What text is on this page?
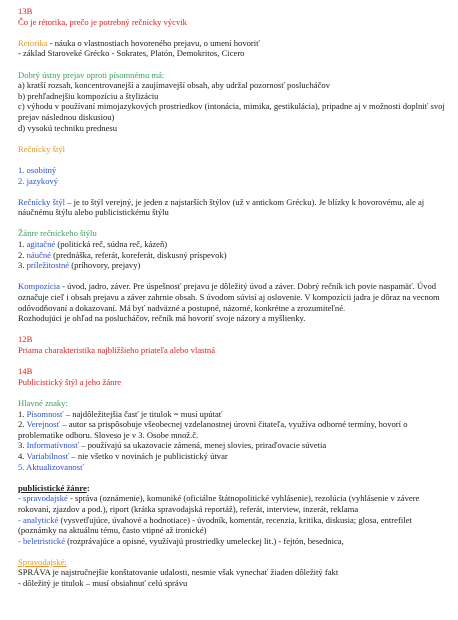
13B
Čo je rétorika, prečo je potrebný rečnícky výcvik
Retorika - náuka o vlastnostiach hovoreného prejavu, o umení hovoriť
- základ Staroveké Grécko - Sokrates, Platón, Demokritos, Cicero
Dobrý ústny prejav oproti písomnému má:
a) kratší rozsah, koncentrovanejší a zaujímavejší obsah, aby udržal pozornosť poslucháčov
b) prehľadnejšiu kompozíciu a štylizáciu
c) výhodu v používaní mimojazykových prostriedkov (intonácia, mimika, gestikulácia), pripadne aj v možnosti doplniť svoj prejav následnou diskusiou)
d) vysokú techniku prednesu
Rečnícky štýl
1. osobitný
2. jazykový
Rečnícky štýl – je to štýl verejný, je jeden z najstarších štýlov (už v antickom Grécku). Je blízky k hovorovému, ale aj náučnému štýlu alebo publicistickému štýlu
Žánre rečníckeho štýlu
1. agitačné (politická reč, súdna reč, kázeň)
2. náučné (prednáška, referát, koreferát, diskusný príspevok)
3. príležitostné (príhovory, prejavy)
Kompozícia - úvod, jadro, záver. Pre úspešnosť prejavu je dôležitý úvod a záver. Dobrý rečník ich povie naspamäť. Úvod označuje cieľ i obsah prejavu a záver zahrnie obsah. S úvodom súvisí aj oslovenie. V kompozícii jadra je dôraz na vecnom odôvodňovaní a dokazovaní. Má byť nadväzné a postupné, názorné, konkrétne a zrozumiteľné.
Rozhodujúci je ohľad na poslucháčov, rečník má hovoriť svoje názory a myšlienky.
12B
Priama charakteristika najbližšieho priateľa alebo vlastná
14B
Publicistický štýl a jeho žánre
Hlavné znaky:
1. Písomnosť – najdôležitejšia časť je titulok = musí upútať
2. Verejnosť – autor sa prispôsobuje všeobecnej vzdelanostnej úrovni čitateľa, využíva odborné termíny, hovorí o problematike odboru. Sloveso je v 3. Osobe množ.č.
3. Informatívnosť – používajú sa ukazovacie zámená, menej slovies, priraďovacie súvetia
4. Variabilnosť – nie všetko v novinách je publicistický útvar
5. Aktualizovanosť
publicistické žánre:
- spravodajské - správa (oznámenie), komuniké (oficiálne štátnopolitické vyhlásenie), rezolúcia (vyhlásenie v závere rokovaní, zjazdov a pod.), riport (krátka spravodajská reportáž), referát, interview, inzerát, reklama
- analytické (vysvetľujúce, úvahové a hodnotiace) - úvodník, komentár, recenzia, kritika, diskusia; glosa, entrefilet (poznámky na aktuálnu tému, často vtipné až ironické)
- beletristické (rozprávajúce a opisné, využívajú prostriedky umeleckej lit.) - fejtón, besednica,
Spravodajské:
SPRÁVA je najstručnejšie konštatovanie udalosti, nesmie však vynechať žiaden dôležitý fakt
- dôležitý je titulok – musí obsiahnuť celú správu
